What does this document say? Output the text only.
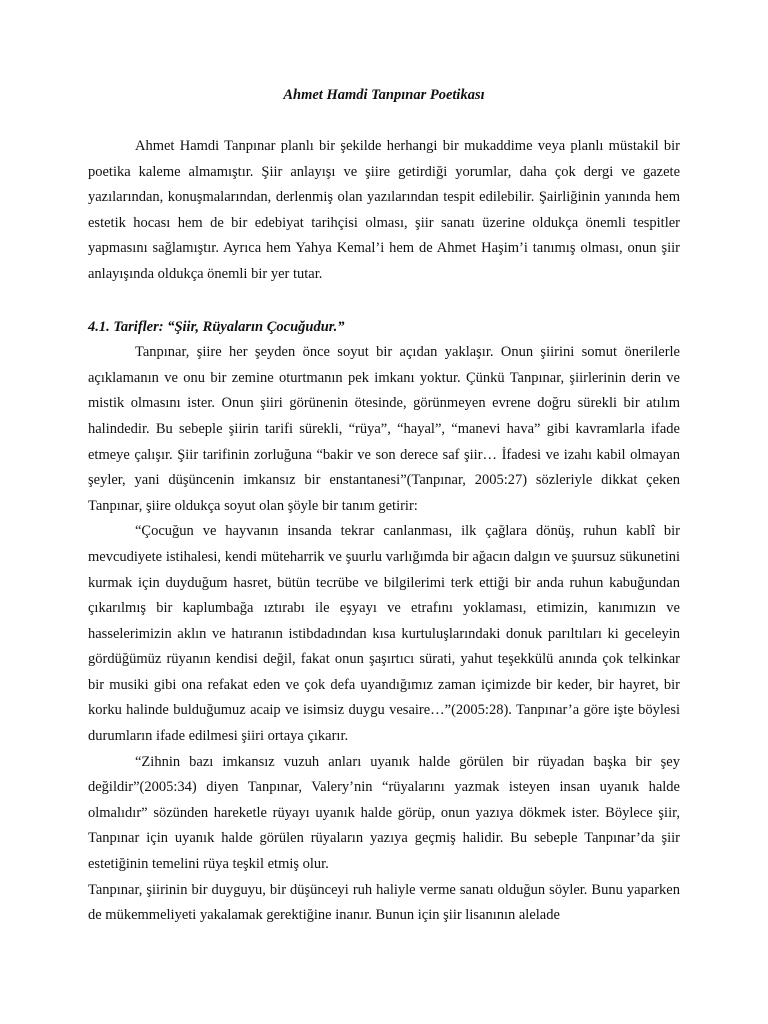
Ahmet Hamdi Tanpınar Poetikası

Ahmet Hamdi Tanpınar planlı bir şekilde herhangi bir mukaddime veya planlı müstakil bir poetika kaleme almamıştır. Şiir anlayışı ve şiire getirdiği yorumlar, daha çok dergi ve gazete yazılarından, konuşmalarından, derlenmiş olan yazılarından tespit edilebilir. Şairliğinin yanında hem estetik hocası hem de bir edebiyat tarihçisi olması, şiir sanatı üzerine oldukça önemli tespitler yapmasını sağlamıştır. Ayrıca hem Yahya Kemal’i hem de Ahmet Haşim’i tanımış olması, onun şiir anlayışında oldukça önemli bir yer tutar.

4.1. Tarifler: “Şiir, Rüyaların Çocuğudur.”

Tanpınar, şiire her şeyden önce soyut bir açıdan yaklaşır. Onun şiirini somut önerilerle açıklamanın ve onu bir zemine oturtmanın pek imkanı yoktur. Çünkü Tanpınar, şiirlerinin derin ve mistik olmasını ister. Onun şiiri görünenin ötesinde, görünmeyen evrene doğru sürekli bir atılım halindedir. Bu sebeple şiirin tarifi sürekli, “rüya”, “hayal”, “manevi hava” gibi kavramlarla ifade etmeye çalışır. Şiir tarifinin zorluğuna “bakir ve son derece saf şiir… İfadesi ve izahı kabil olmayan şeyler, yani düşüncenin imkansız bir enstantanesi”(Tanpınar, 2005:27) sözleriyle dikkat çeken Tanpınar, şiire oldukça soyut olan şöyle bir tanım getirir:

“Çocuğun ve hayvanın insanda tekrar canlanması, ilk çağlara dönüş, ruhun kablî bir mevcudiyete istihalesi, kendi müteharrik ve şuurlu varlığımda bir ağacın dalgın ve şuursuz sükunetini kurmak için duyduğum hasret, bütün tecrübe ve bilgilerimi terk ettiği bir anda ruhun kabuğundan çıkarılmış bir kaplumbağa ıztırabı ile eşyayı ve etrafını yoklaması, etimizin, kanımızın ve hasselerimizin aklın ve hatıranın istibdadından kısa kurtuluşlarındaki donuk parıltıları ki geceleyin gördüğümüz rüyanın kendisi değil, fakat onun şaşırtıcı sürati, yahut teşekkülü anında çok telkinkar bir musiki gibi ona refakat eden ve çok defa uyandığımız zaman içimizde bir keder, bir hayret, bir korku halinde bulduğumuz acaip ve isimsiz duygu vesaire…”(2005:28). Tanpınar’a göre işte böylesi durumların ifade edilmesi şiiri ortaya çıkarır.

“Zihnin bazı imkansız vuzuh anları uyanık halde görülen bir rüyadan başka bir şey değildir”(2005:34) diyen Tanpınar, Valery’nin “rüyalarını yazmak isteyen insan uyanık halde olmalıdır” sözünden hareketle rüyayı uyanık halde görüp, onun yazıya dökmek ister. Böylece şiir, Tanpınar için uyanık halde görülen rüyaların yazıya geçmiş halidir. Bu sebeple Tanpınar’da şiir estetiğinin temelini rüya teşkil etmiş olur.

Tanpınar, şiirinin bir duyguyu, bir düşünceyi ruh haliyle verme sanatı olduğun söyler. Bunu yaparken de mükemmeliyeti yakalamak gerektiğine inanır. Bunun için şiir lisanının alelade
